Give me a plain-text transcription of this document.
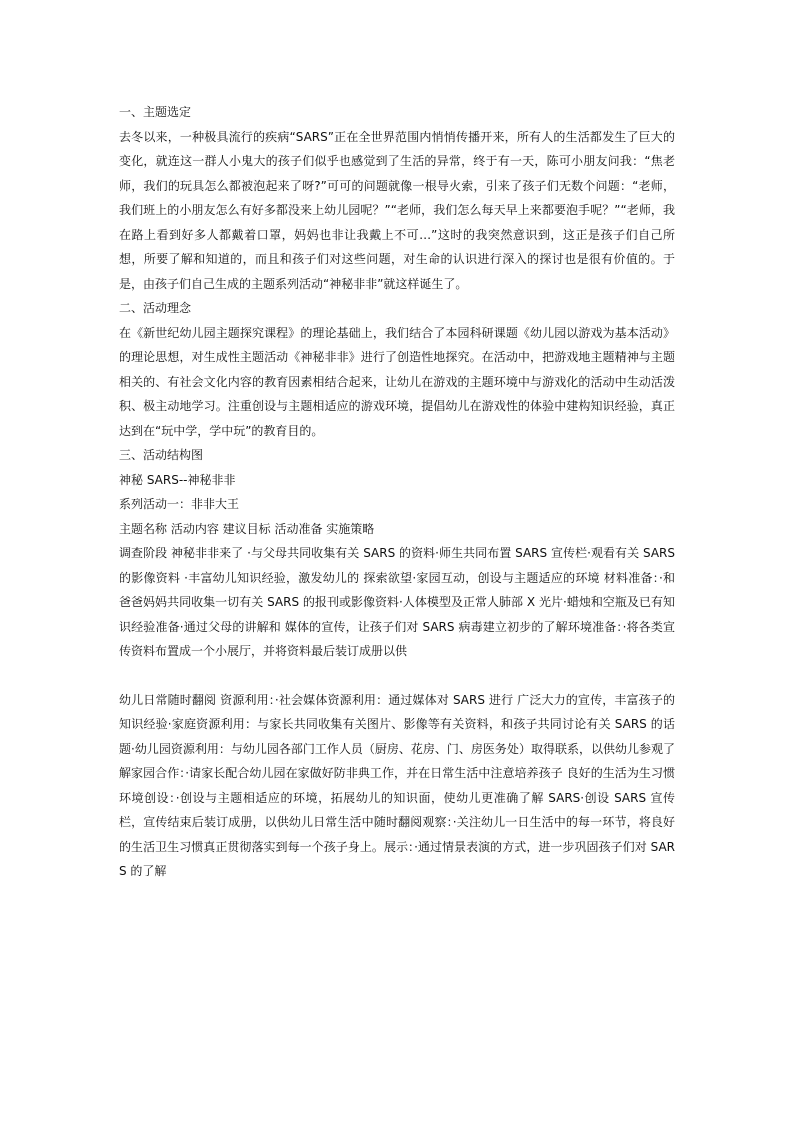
一、主题选定

去冬以来，一种极具流行的疾病“SARS”正在全世界范围内悄悄传播开来，所有人的生活都发生了巨大的变化，就连这一群人小鬼大的孩子们似乎也感觉到了生活的异常，终于有一天，陈可小朋友问我：“焦老师，我们的玩具怎么都被泡起来了呀?”可可的问题就像一根导火索，引来了孩子们无数个问题：“老师，我们班上的小朋友怎么有好多都没来上幼儿园呢？”“老师，我们怎么每天早上来都要泡手呢？”“老师，我在路上看到好多人都戴着口罩，妈妈也非让我戴上不可…”这时的我突然意识到，这正是孩子们自己所想，所要了解和知道的，而且和孩子们对这些问题，对生命的认识进行深入的探讨也是很有价值的。于是，由孩子们自己生成的主题系列活动“神秘非非”就这样诞生了。

二、活动理念

在《新世纪幼儿园主题探究课程》的理论基础上，我们结合了本园科研课题《幼儿园以游戏为基本活动》的理论思想，对生成性主题活动《神秘非非》进行了创造性地探究。在活动中，把游戏地主题精神与主题相关的、有社会文化内容的教育因素相结合起来，让幼儿在游戏的主题环境中与游戏化的活动中生动活泼积、极主动地学习。注重创设与主题相适应的游戏环境，提倡幼儿在游戏性的体验中建构知识经验，真正达到在“玩中学，学中玩”的教育目的。

三、活动结构图

神秘 SARS--神秘非非

系列活动一：非非大王

主题名称 活动内容 建议目标 活动准备 实施策略

调查阶段 神秘非非来了 ·与父母共同收集有关 SARS 的资料·师生共同布置 SARS 宣传栏·观看有关 SARS 的影像资料 ·丰富幼儿知识经验，激发幼儿的 探索欲望·家园互动，创设与主题适应的环境 材料准备：·和爸爸妈妈共同收集一切有关 SARS 的报刊或影像资料·人体模型及正常人肺部 X 光片·蜡烛和空瓶及已有知识经验准备·通过父母的讲解和 媒体的宣传，让孩子们对 SARS 病毒建立初步的了解环境准备：·将各类宣传资料布置成一个小展厅，并将资料最后装订成册以供

幼儿日常随时翻阅 资源利用：·社会媒体资源利用：通过媒体对 SARS 进行 广泛大力的宣传，丰富孩子的知识经验·家庭资源利用：与家长共同收集有关图片、影像等有关资料，和孩子共同讨论有关 SARS 的话题·幼儿园资源利用：与幼儿园各部门工作人员（厨房、花房、门、房医务处）取得联系，以供幼儿参观了解家园合作：·请家长配合幼儿园在家做好防非典工作，并在日常生活中注意培养孩子 良好的生活为生习惯环境创设：·创设与主题相适应的环境，拓展幼儿的知识面，使幼儿更准确了解 SARS·创设 SARS 宣传栏，宣传结束后装订成册，以供幼儿日常生活中随时翻阅观察：·关注幼儿一日生活中的每一环节，将良好的生活卫生习惯真正贯彻落实到每一个孩子身上。展示：·通过情景表演的方式，进一步巩固孩子们对 SARS 的了解
